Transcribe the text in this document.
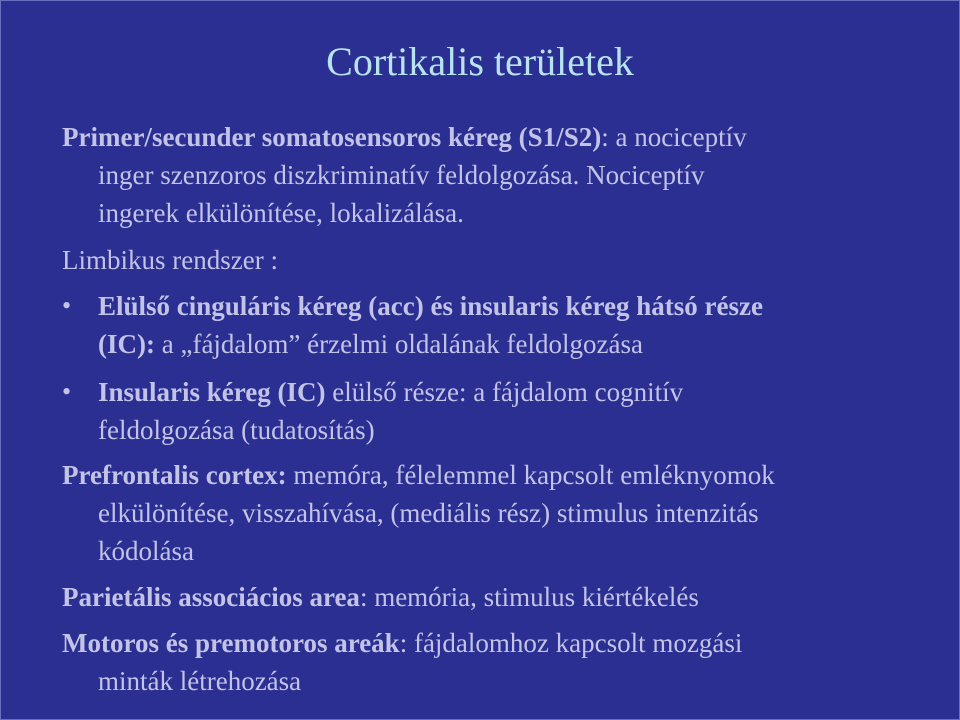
Cortikalis területek

Primer/secunder somatosensoros kéreg (S1/S2): a nociceptív
inger szenzoros diszkriminatív feldolgozása. Nociceptív
ingerek elkülönítése, lokalizálása.

Limbikus rendszer :

• Elülső cinguláris kéreg (acc) és insularis kéreg hátsó része
(IC): a „fájdalom” érzelmi oldalának feldolgozása

• Insularis kéreg (IC) elülső része: a fájdalom cognitív
feldolgozása (tudatosítás)

Prefrontalis cortex: memóra, félelemmel kapcsolt emléknyomok
elkülönítése, visszahívása, (mediális rész) stimulus intenzitás
kódolása

Parietális associácios area: memória, stimulus kiértékelés

Motoros és premotoros areák: fájdalomhoz kapcsolt mozgási
minták létrehozása
